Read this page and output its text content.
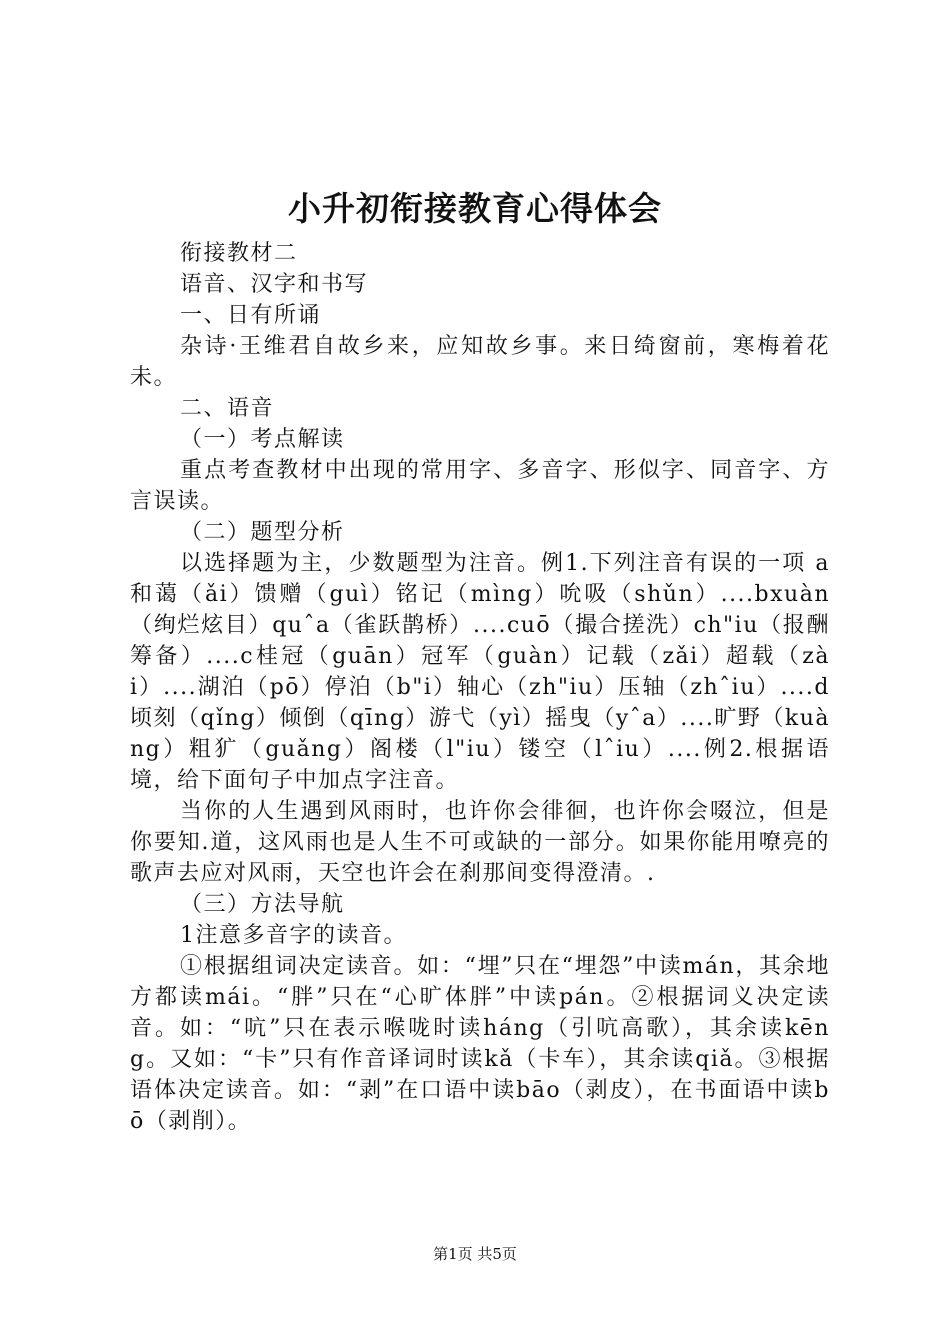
小升初衔接教育心得体会

衔接教材二

语音、汉字和书写

一、日有所诵

杂诗·王维君自故乡来，应知故乡事。来日绮窗前，寒梅着花未。

二、语音

（一）考点解读

重点考查教材中出现的常用字、多音字、形似字、同音字、方言误读。

（二）题型分析

以选择题为主，少数题型为注音。例1.下列注音有误的一项 a 和蔼（ǎi）馈赠（guì）铭记（mìng）吮吸（shǔn）....bxuàn（绚烂炫目）quˆa（雀跃鹊桥）....cuō（撮合搓洗）ch"iu（报酬筹备）....c桂冠（guān）冠军（guàn）记载（zǎi）超载（zài）....湖泊（pō）停泊（b"i）轴心（zh"iu）压轴（zhˆiu）....d顷刻（qǐng）倾倒（qīng）游弋（yì）摇曳（yˆa）....旷野（kuàng）粗犷（guǎng）阁楼（l"iu）镂空（lˆiu）....例2.根据语境，给下面句子中加点字注音。

当你的人生遇到风雨时，也许你会徘徊，也许你会啜泣，但是你要知.道，这风雨也是人生不可或缺的一部分。如果你能用嘹亮的歌声去应对风雨，天空也许会在刹那间变得澄清。.

（三）方法导航

1注意多音字的读音。

①根据组词决定读音。如：“埋”只在“埋怨”中读mán，其余地方都读mái。“胖”只在“心旷体胖”中读pán。②根据词义决定读音。如：“吭”只在表示喉咙时读háng（引吭高歌），其余读kēng。又如：“卡”只有作音译词时读kǎ（卡车），其余读qiǎ。③根据语体决定读音。如：“剥”在口语中读bāo（剥皮），在书面语中读bō（剥削）。

第1页 共5页
